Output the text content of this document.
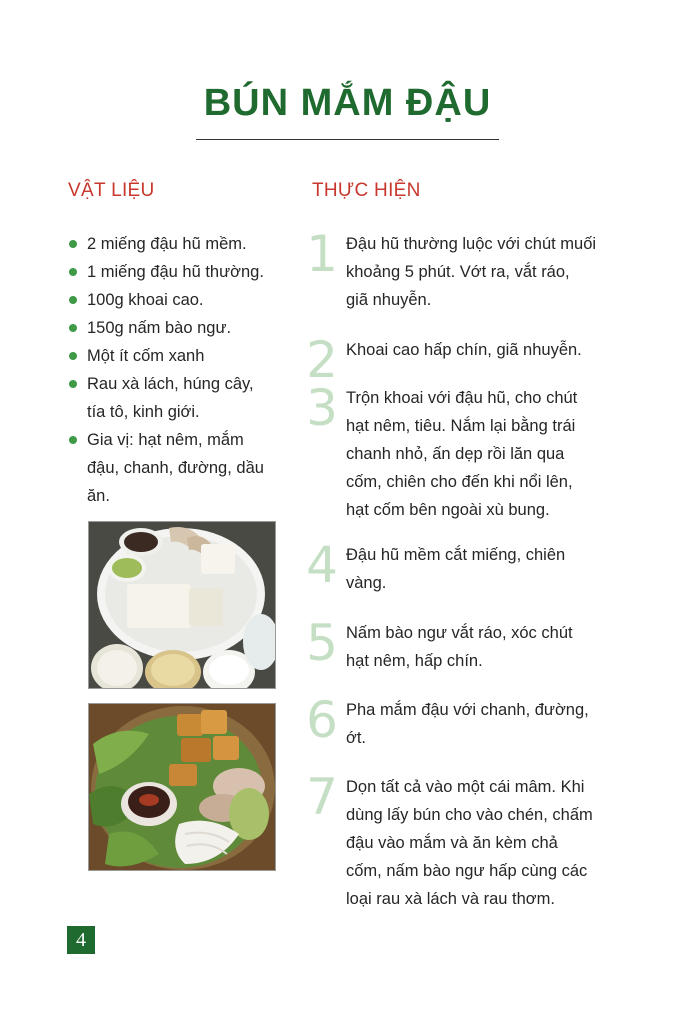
BÚN MẮM ĐẬU
VẬT LIỆU	THỰC HIỆN
2 miếng đậu hũ mềm.
1 miếng đậu hũ thường.
100g khoai cao.
150g nấm bào ngư.
Một ít cốm xanh
Rau xà lách, húng cây,
tía tô, kinh giới.
Gia vị: hạt nêm, mắm
đậu, chanh, đường, dầu
ăn.
1 Đậu hũ thường luộc với chút muối
khoảng 5 phút. Vớt ra, vắt ráo,
giã nhuyễn.
2 Khoai cao hấp chín, giã nhuyễn.
3 Trộn khoai với đậu hũ, cho chút
hạt nêm, tiêu. Nắm lại bằng trái
chanh nhỏ, ấn dẹp rồi lăn qua
cốm, chiên cho đến khi nổi lên,
hạt cốm bên ngoài xù bung.
4 Đậu hũ mềm cắt miếng, chiên
vàng.
5 Nấm bào ngư vắt ráo, xóc chút
hạt nêm, hấp chín.
6 Pha mắm đậu với chanh, đường,
ớt.
7 Dọn tất cả vào một cái mâm. Khi
dùng lấy bún cho vào chén, chấm
đậu vào mắm và ăn kèm chả
cốm, nấm bào ngư hấp cùng các
loại rau xà lách và rau thơm.
4
